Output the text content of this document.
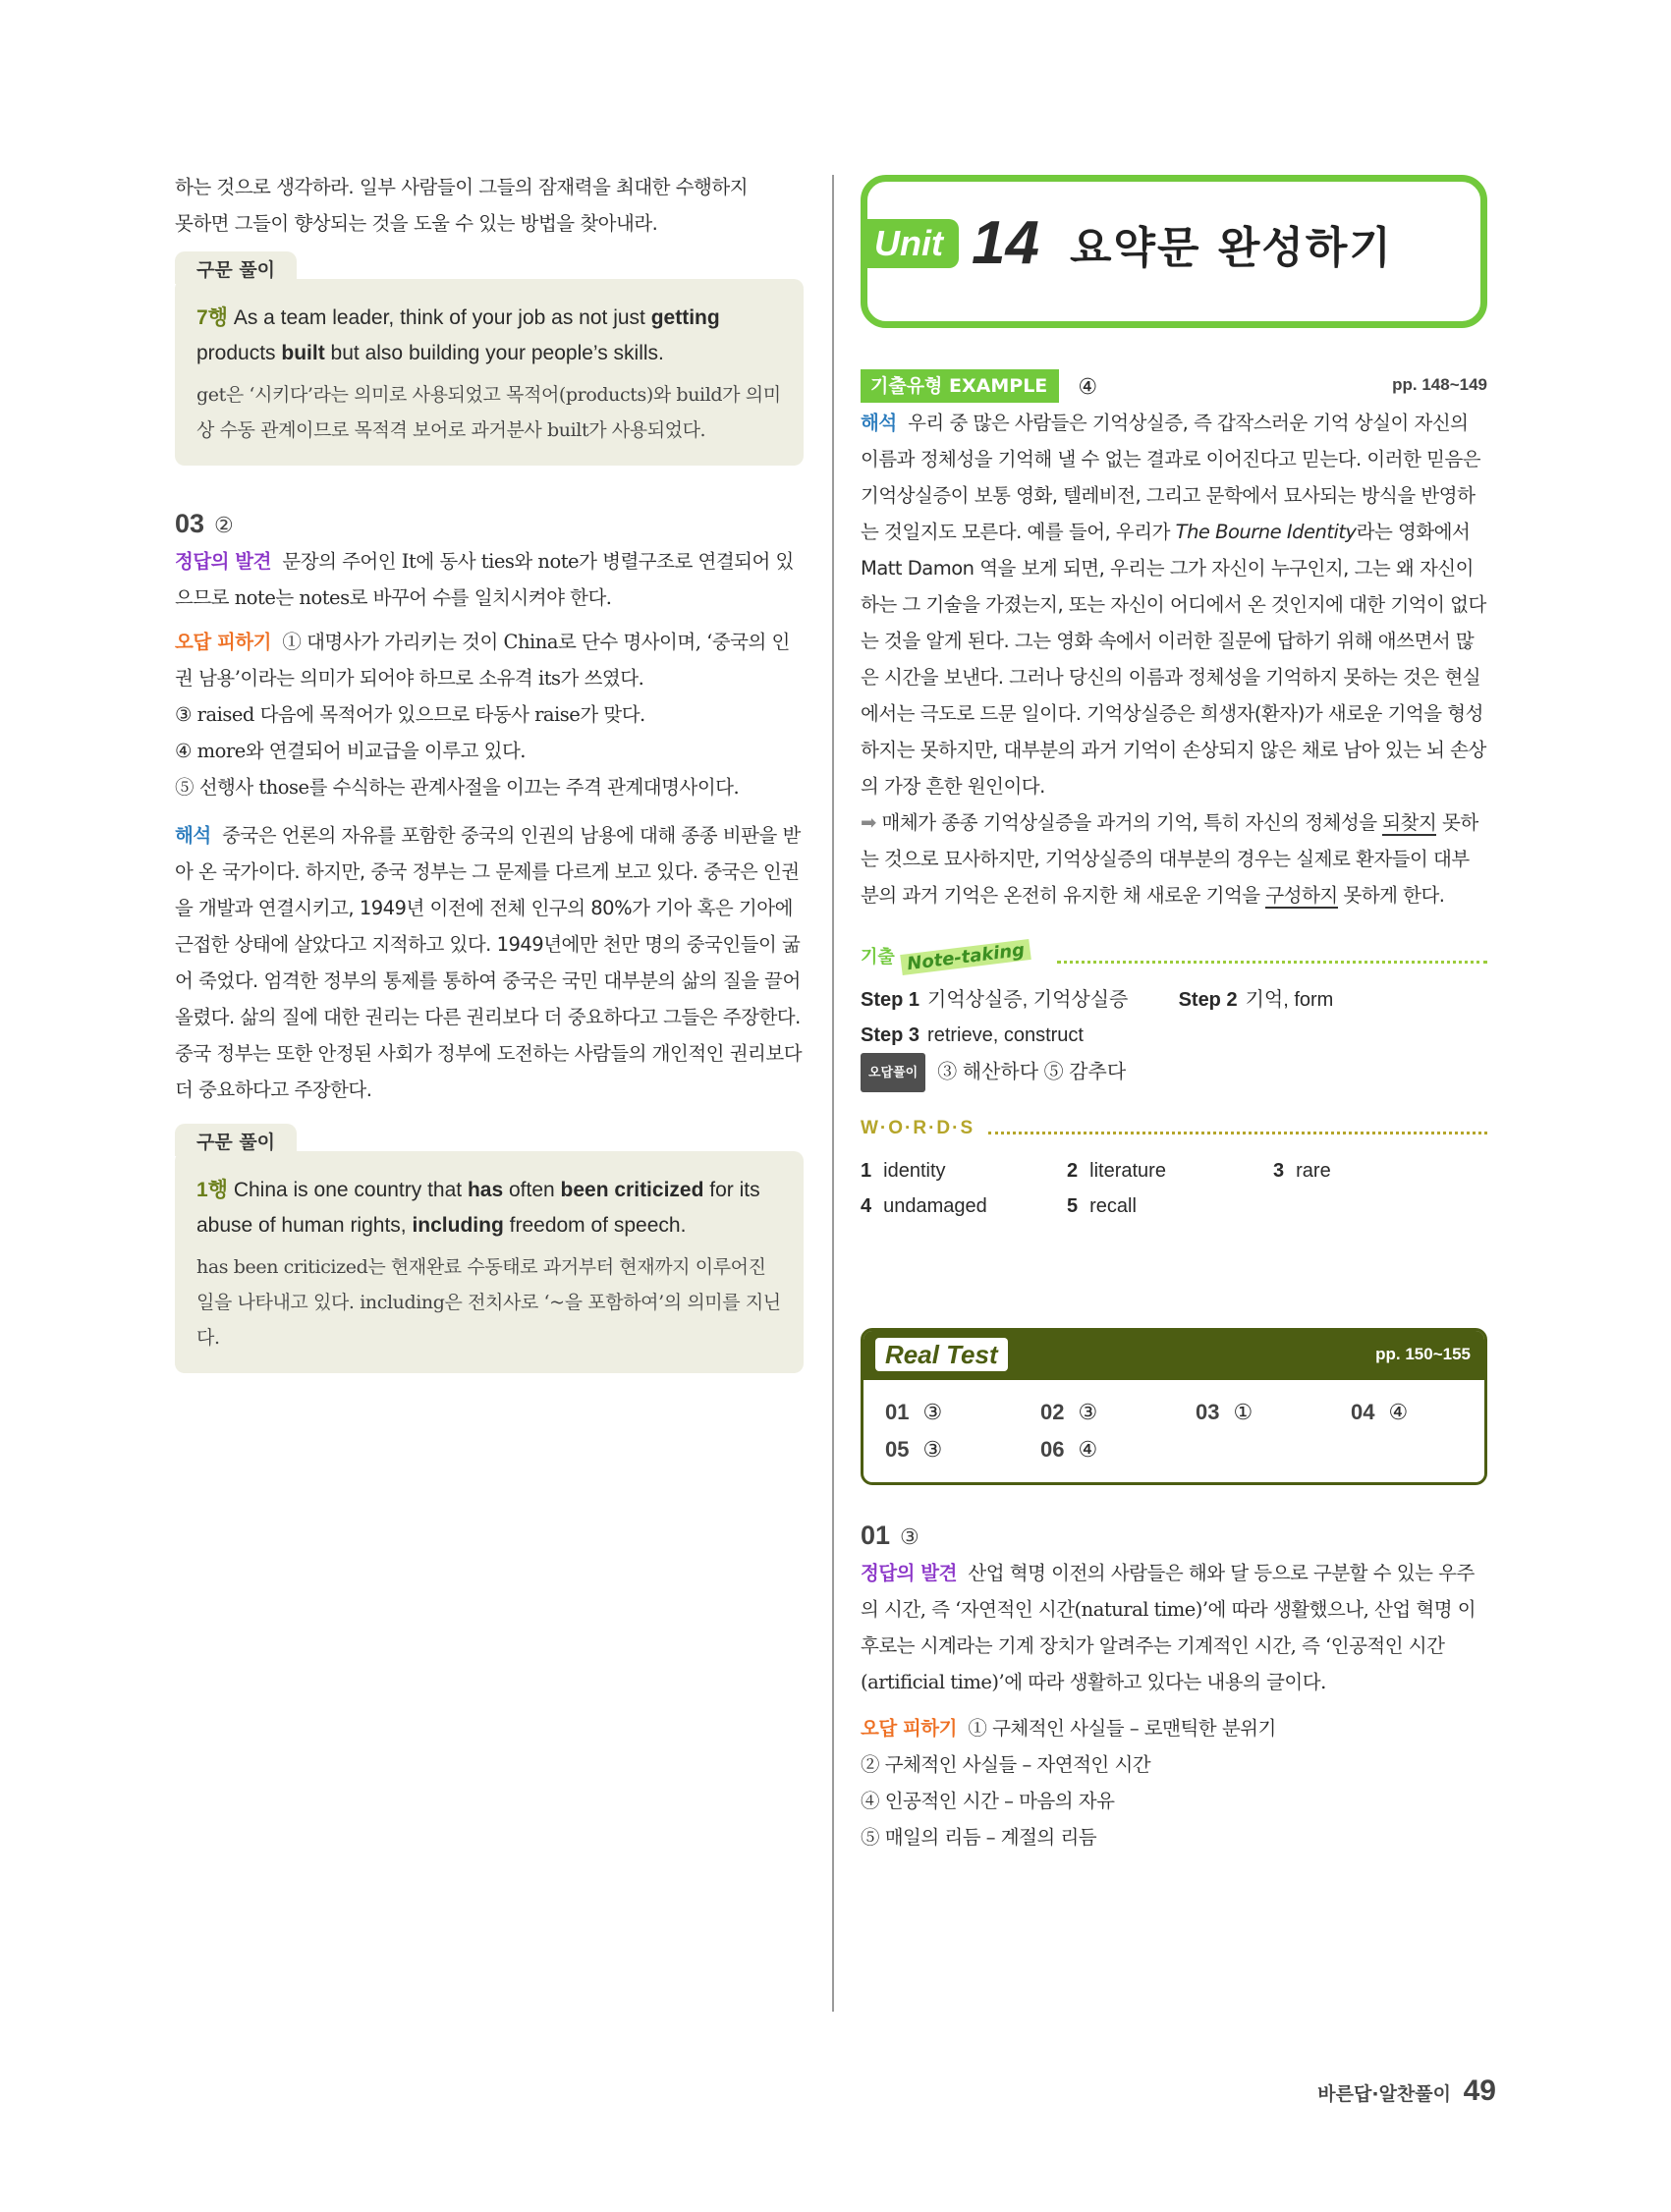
하는 것으로 생각하라. 일부 사람들이 그들의 잠재력을 최대한 수행하지
못하면 그들이 향상되는 것을 도울 수 있는 방법을 찾아내라.
구문 풀이
7행 As a team leader, think of your job as not just getting products built but also building your people’s skills.
get은 ‘시키다’라는 의미로 사용되었고 목적어(products)와 build가 의미상 수동 관계이므로 목적격 보어로 과거분사 built가 사용되었다.
03 ②
정답의 발견 문장의 주어인 It에 동사 ties와 note가 병렬구조로 연결되어 있으므로 note는 notes로 바꾸어 수를 일치시켜야 한다.
오답 피하기 ① 대명사가 가리키는 것이 China로 단수 명사이며, ‘중국의 인권 남용’이라는 의미가 되어야 하므로 소유격 its가 쓰였다.
③ raised 다음에 목적어가 있으므로 타동사 raise가 맞다.
④ more와 연결되어 비교급을 이루고 있다.
⑤ 선행사 those를 수식하는 관계사절을 이끄는 주격 관계대명사이다.
해석 중국은 언론의 자유를 포함한 중국의 인권의 남용에 대해 종종 비판을 받아 온 국가이다. 하지만, 중국 정부는 그 문제를 다르게 보고 있다. 중국은 인권을 개발과 연결시키고, 1949년 이전에 전체 인구의 80%가 기아 혹은 기아에 근접한 상태에 살았다고 지적하고 있다. 1949년에만 천만 명의 중국인들이 굶어 죽었다. 엄격한 정부의 통제를 통하여 중국은 국민 대부분의 삶의 질을 끌어올렸다. 삶의 질에 대한 권리는 다른 권리보다 더 중요하다고 그들은 주장한다. 중국 정부는 또한 안정된 사회가 정부에 도전하는 사람들의 개인적인 권리보다 더 중요하다고 주장한다.
구문 풀이
1행 China is one country that has often been criticized for its abuse of human rights, including freedom of speech.
has been criticized는 현재완료 수동태로 과거부터 현재까지 이루어진 일을 나타내고 있다. including은 전치사로 ‘~을 포함하여’의 의미를 지닌다.
Unit 14 요약문 완성하기
기출유형 EXAMPLE ④	pp. 148~149
해석 우리 중 많은 사람들은 기억상실증, 즉 갑작스러운 기억 상실이 자신의 이름과 정체성을 기억해 낼 수 없는 결과로 이어진다고 믿는다. 이러한 믿음은 기억상실증이 보통 영화, 텔레비전, 그리고 문학에서 묘사되는 방식을 반영하는 것일지도 모른다. 예를 들어, 우리가 The Bourne Identity라는 영화에서 Matt Damon 역을 보게 되면, 우리는 그가 자신이 누구인지, 그는 왜 자신이 하는 그 기술을 가졌는지, 또는 자신이 어디에서 온 것인지에 대한 기억이 없다는 것을 알게 된다. 그는 영화 속에서 이러한 질문에 답하기 위해 애쓰면서 많은 시간을 보낸다. 그러나 당신의 이름과 정체성을 기억하지 못하는 것은 현실에서는 극도로 드문 일이다. 기억상실증은 희생자(환자)가 새로운 기억을 형성하지는 못하지만, 대부분의 과거 기억이 손상되지 않은 채로 남아 있는 뇌 손상의 가장 흔한 원인이다.
➡ 매체가 종종 기억상실증을 과거의 기억, 특히 자신의 정체성을 되찾지 못하는 것으로 묘사하지만, 기억상실증의 대부분의 경우는 실제로 환자들이 대부분의 과거 기억은 온전히 유지한 채 새로운 기억을 구성하지 못하게 한다.
기출 Note-taking
Step 1 기억상실증, 기억상실증	Step 2 기억, form
Step 3 retrieve, construct
오답풀이 ③ 해산하다 ⑤ 감추다
W·O·R·D·S
1 identity	2 literature	3 rare
4 undamaged	5 recall
Real Test	pp. 150~155
01 ③	02 ③	03 ①	04 ④
05 ③	06 ④
01 ③
정답의 발견 산업 혁명 이전의 사람들은 해와 달 등으로 구분할 수 있는 우주의 시간, 즉 ‘자연적인 시간(natural time)’에 따라 생활했으나, 산업 혁명 이후로는 시계라는 기계 장치가 알려주는 기계적인 시간, 즉 ‘인공적인 시간(artificial time)’에 따라 생활하고 있다는 내용의 글이다.
오답 피하기 ① 구체적인 사실들 – 로맨틱한 분위기
② 구체적인 사실들 – 자연적인 시간
④ 인공적인 시간 – 마음의 자유
⑤ 매일의 리듬 – 계절의 리듬
바른답·알찬풀이 49
